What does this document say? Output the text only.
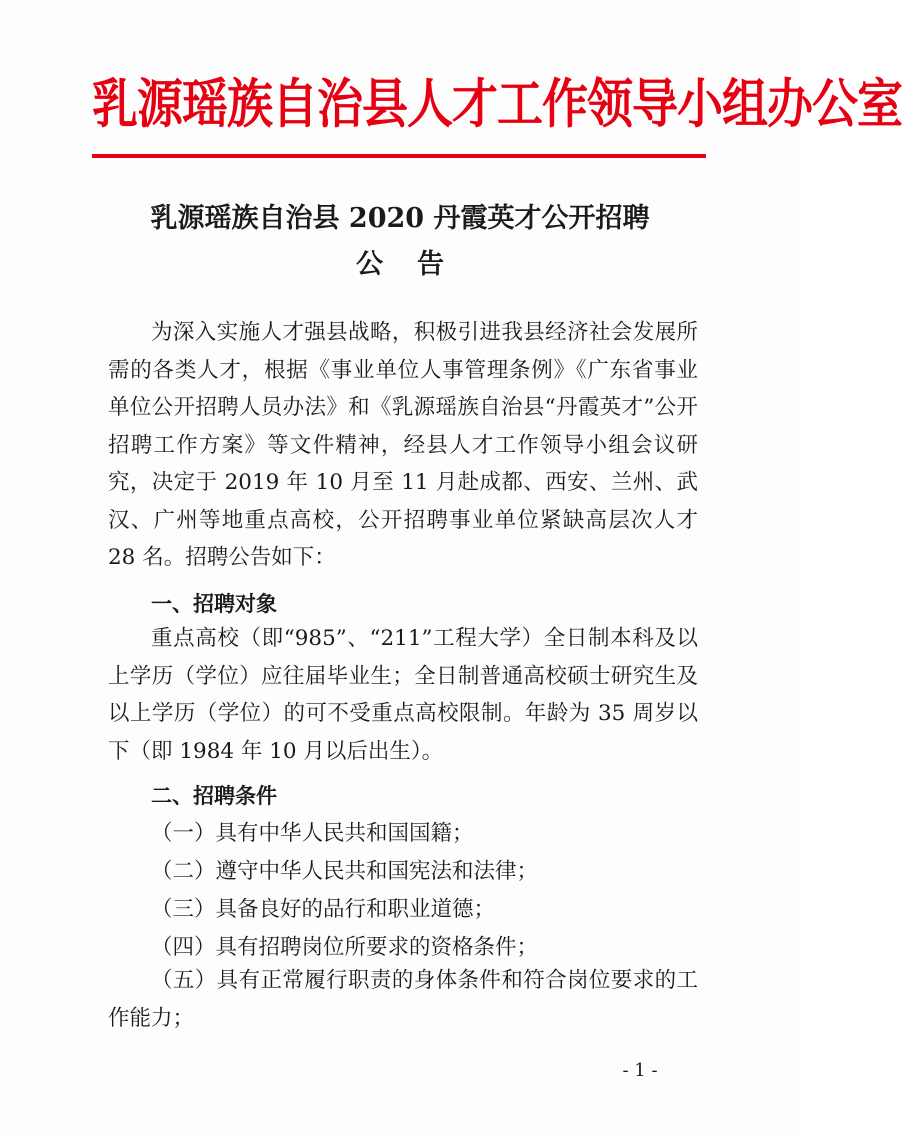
乳源瑶族自治县人才工作领导小组办公室
乳源瑶族自治县 2020 丹霞英才公开招聘
公告
为深入实施人才强县战略，积极引进我县经济社会发展所需的各类人才，根据《事业单位人事管理条例》《广东省事业单位公开招聘人员办法》和《乳源瑶族自治县“丹霞英才”公开招聘工作方案》等文件精神，经县人才工作领导小组会议研究，决定于 2019 年 10 月至 11 月赴成都、西安、兰州、武汉、广州等地重点高校，公开招聘事业单位紧缺高层次人才 28 名。招聘公告如下：
一、招聘对象
重点高校（即“985”、“211”工程大学）全日制本科及以上学历（学位）应往届毕业生；全日制普通高校硕士研究生及以上学历（学位）的可不受重点高校限制。年龄为 35 周岁以下（即 1984 年 10 月以后出生）。
二、招聘条件
（一）具有中华人民共和国国籍；
（二）遵守中华人民共和国宪法和法律；
（三）具备良好的品行和职业道德；
（四）具有招聘岗位所要求的资格条件；
（五）具有正常履行职责的身体条件和符合岗位要求的工作能力；
- 1 -
